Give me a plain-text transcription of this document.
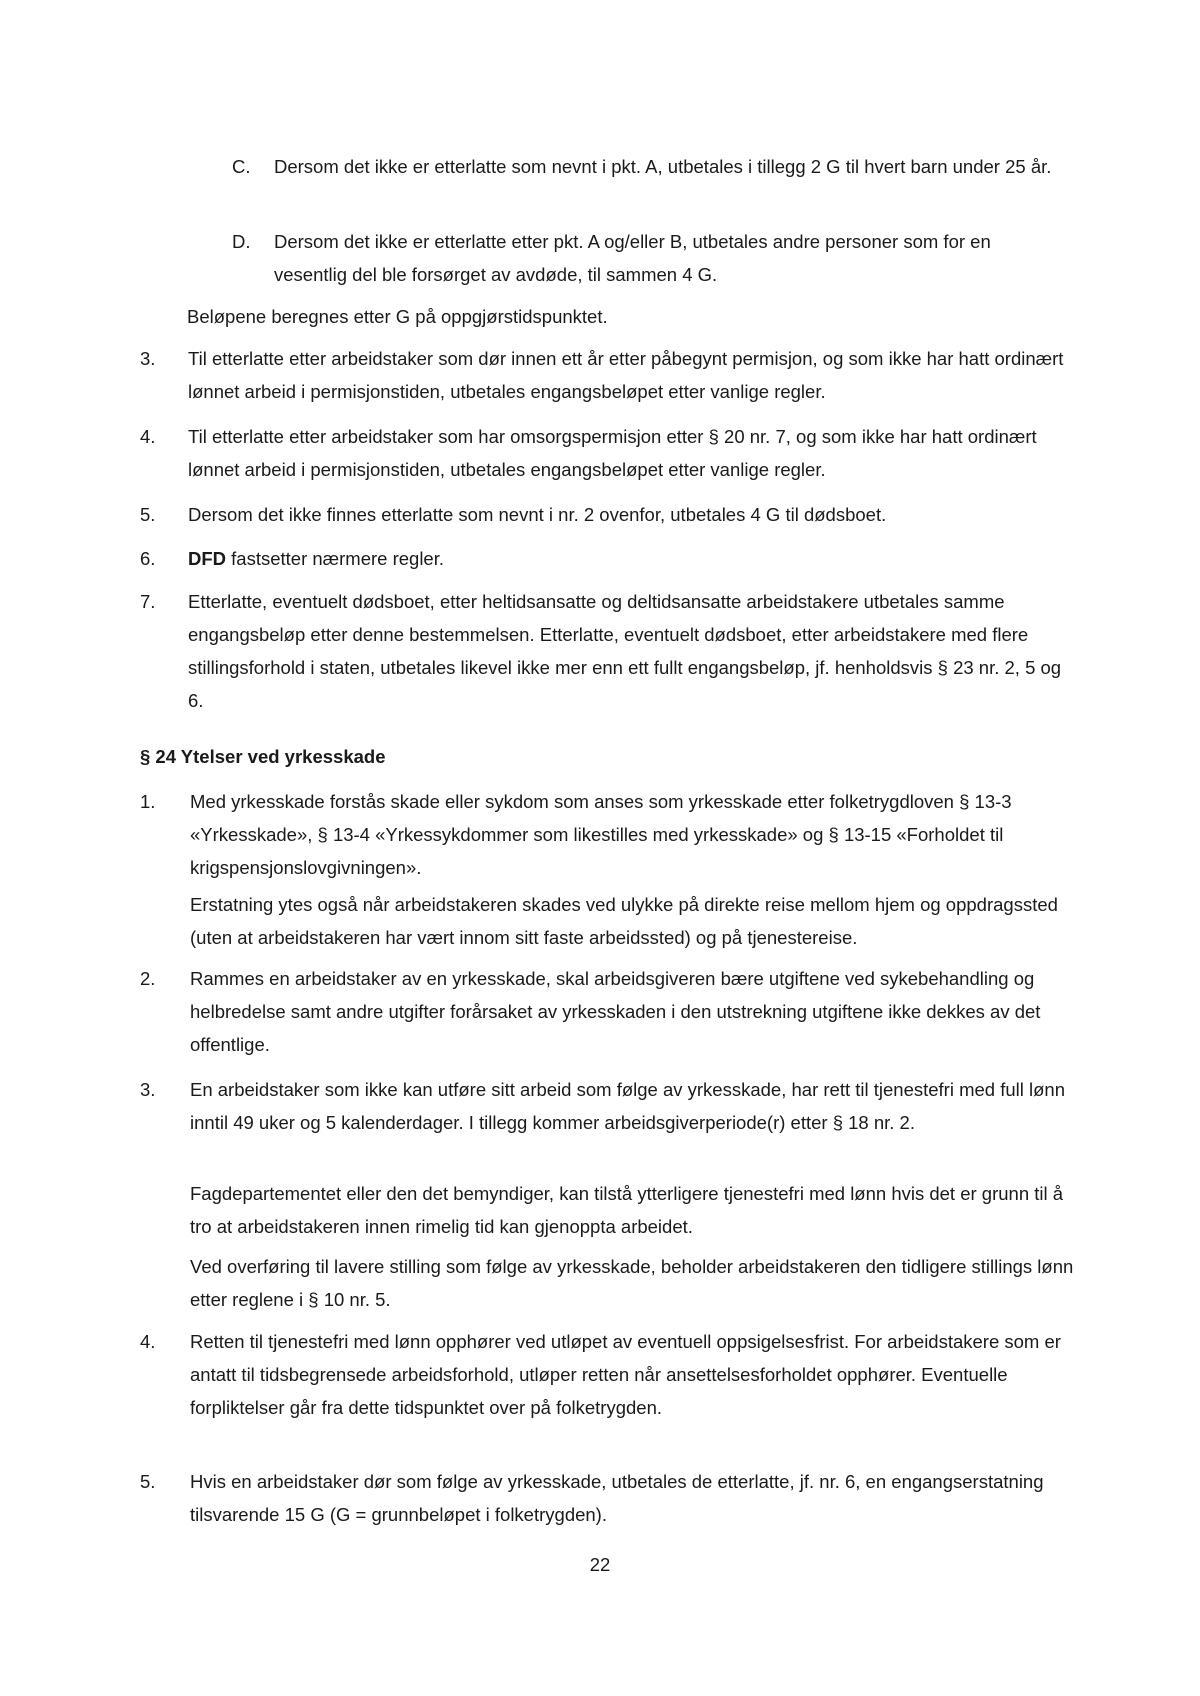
C.	Dersom det ikke er etterlatte som nevnt i pkt. A, utbetales i tillegg 2 G til hvert barn under 25 år.
D.	Dersom det ikke er etterlatte etter pkt. A og/eller B, utbetales andre personer som for en vesentlig del ble forsørget av avdøde, til sammen 4 G.
Beløpene beregnes etter G på oppgjørstidspunktet.
3.	Til etterlatte etter arbeidstaker som dør innen ett år etter påbegynt permisjon, og som ikke har hatt ordinært lønnet arbeid i permisjonstiden, utbetales engangsbeløpet etter vanlige regler.
4.	Til etterlatte etter arbeidstaker som har omsorgspermisjon etter § 20 nr. 7, og som ikke har hatt ordinært lønnet arbeid i permisjonstiden, utbetales engangsbeløpet etter vanlige regler.
5.	Dersom det ikke finnes etterlatte som nevnt i nr. 2 ovenfor, utbetales 4 G til dødsboet.
6.	DFD fastsetter nærmere regler.
7.	Etterlatte, eventuelt dødsboet, etter heltidsansatte og deltidsansatte arbeidstakere utbetales samme engangsbeløp etter denne bestemmelsen. Etterlatte, eventuelt dødsboet, etter arbeidstakere med flere stillingsforhold i staten, utbetales likevel ikke mer enn ett fullt engangsbeløp, jf. henholdsvis § 23 nr. 2, 5 og 6.
§ 24 Ytelser ved yrkesskade
1.	Med yrkesskade forstås skade eller sykdom som anses som yrkesskade etter folketrygdloven § 13-3 «Yrkesskade», § 13-4 «Yrkessykdommer som likestilles med yrkesskade» og § 13-15 «Forholdet til krigspensjonslovgivningen».
Erstatning ytes også når arbeidstakeren skades ved ulykke på direkte reise mellom hjem og oppdragssted (uten at arbeidstakeren har vært innom sitt faste arbeidssted) og på tjenestereise.
2.	Rammes en arbeidstaker av en yrkesskade, skal arbeidsgiveren bære utgiftene ved sykebehandling og helbredelse samt andre utgifter forårsaket av yrkesskaden i den utstrekning utgiftene ikke dekkes av det offentlige.
3.	En arbeidstaker som ikke kan utføre sitt arbeid som følge av yrkesskade, har rett til tjenestefri med full lønn inntil 49 uker og 5 kalenderdager. I tillegg kommer arbeidsgiverperiode(r) etter § 18 nr. 2.
Fagdepartementet eller den det bemyndiger, kan tilstå ytterligere tjenestefri med lønn hvis det er grunn til å tro at arbeidstakeren innen rimelig tid kan gjenoppta arbeidet.
Ved overføring til lavere stilling som følge av yrkesskade, beholder arbeidstakeren den tidligere stillings lønn etter reglene i § 10 nr. 5.
4.	Retten til tjenestefri med lønn opphører ved utløpet av eventuell oppsigelsesfrist. For arbeidstakere som er antatt til tidsbegrensede arbeidsforhold, utløper retten når ansettelsesforholdet opphører. Eventuelle forpliktelser går fra dette tidspunktet over på folketrygden.
5.	Hvis en arbeidstaker dør som følge av yrkesskade, utbetales de etterlatte, jf. nr. 6, en engangserstatning tilsvarende 15 G (G = grunnbeløpet i folketrygden).
22
